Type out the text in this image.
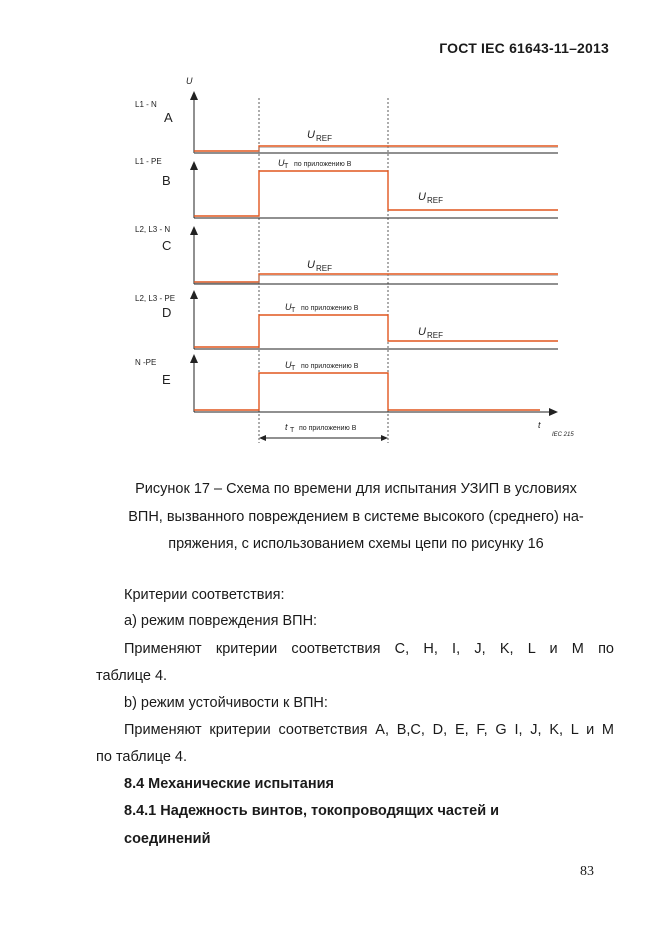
ГОСТ IEC 61643-11–2013
U
t
IEC 215
t T по приложению В
L1 - N
A
U REF
L1 - PE
B
U T по приложению В
U REF
L2, L3 - N
C
U REF
L2, L3 - PE
D	U T по приложению В
U REF
N -PE
E
U T по приложению В
Рисунок 17 – Схема по времени для испытания УЗИП в условиях
ВПН, вызванного повреждением в системе высокого (среднего) на-
пряжения, с использованием схемы цепи по рисунку 16
Критерии соответствия:
a) режим повреждения ВПН:
Применяют критерии соответствия C, H, I, J, K, L и M по
таблице 4.
b) режим устойчивости к ВПН:
Применяют критерии соответствия A, B,C, D, E, F, G I, J, K, L и M
по таблице 4.
8.4 Механические испытания
8.4.1 Надежность винтов, токопроводящих частей и
соединений
83
